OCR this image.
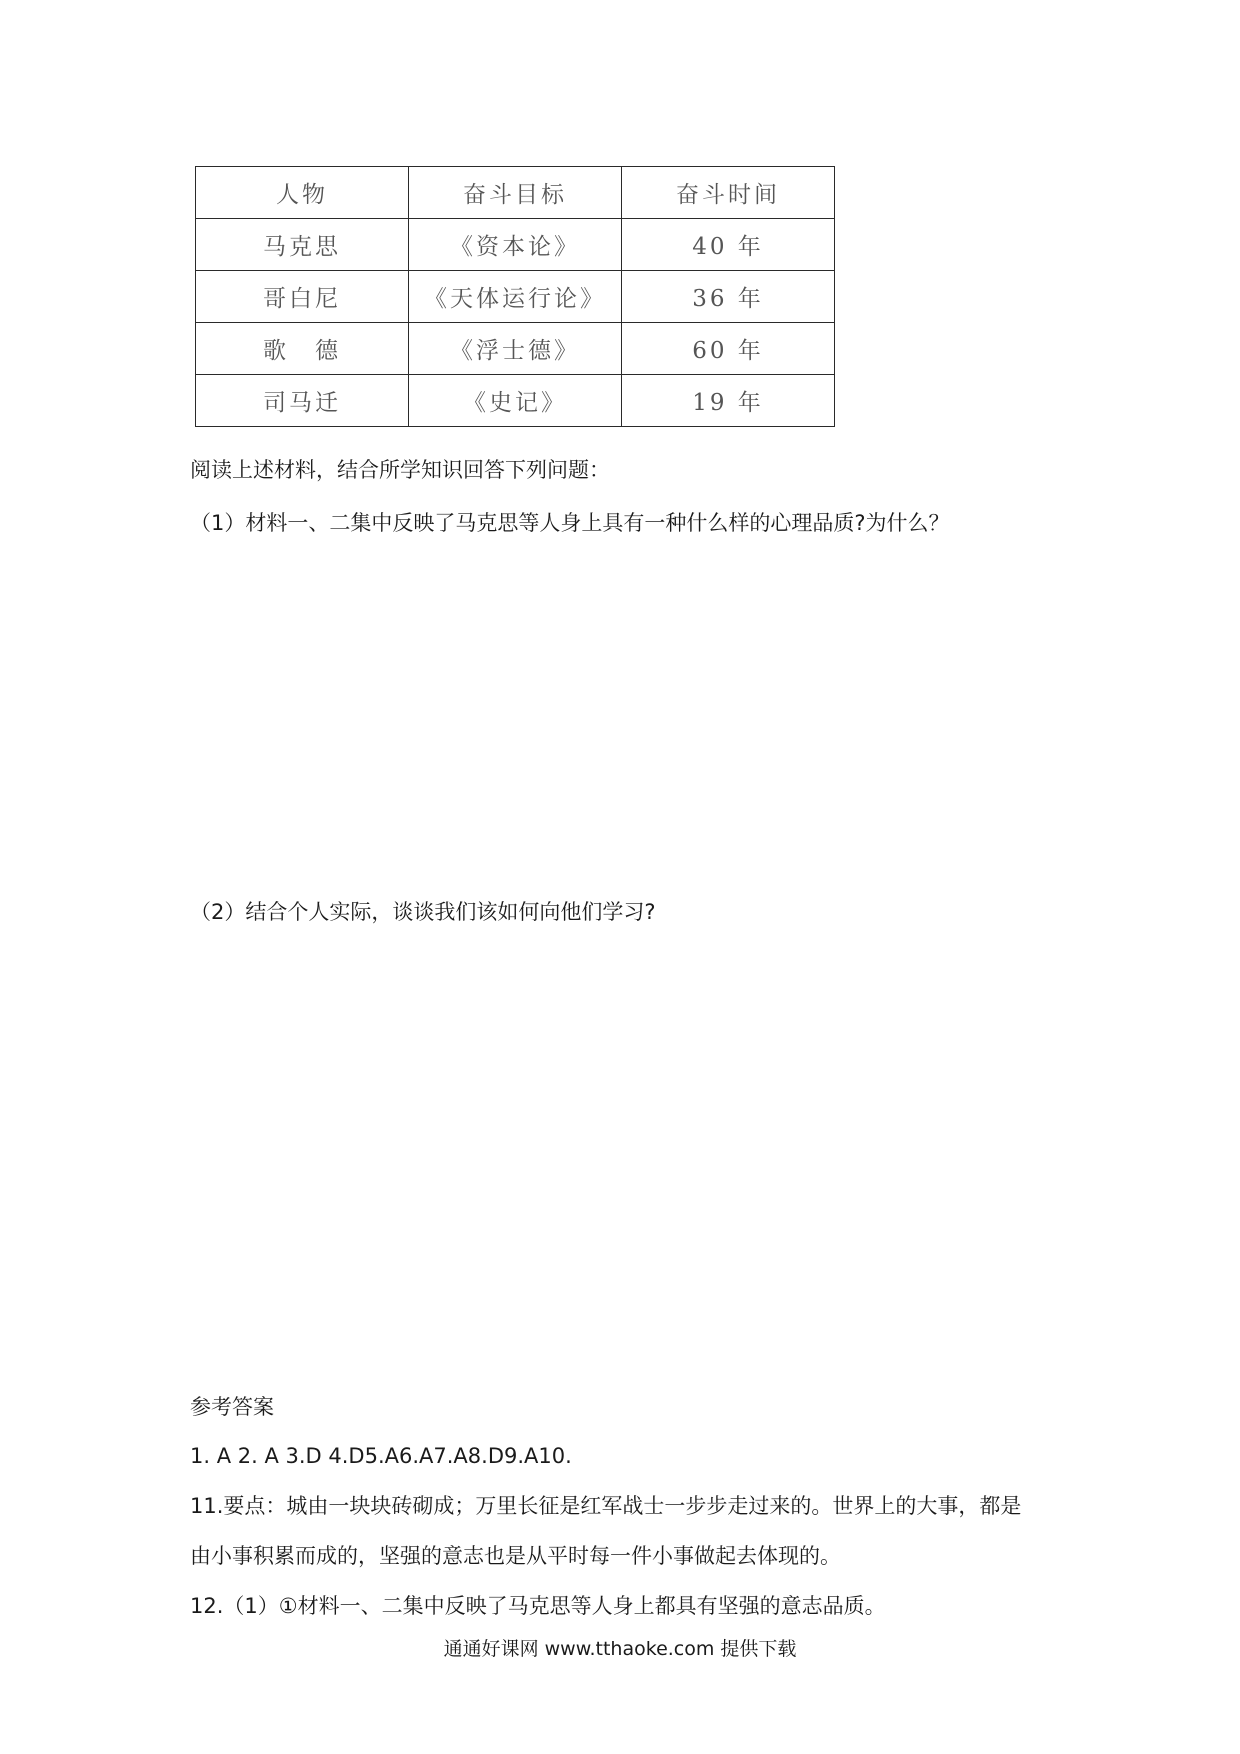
人物	奋斗目标	奋斗时间
马克思	《资本论》	40 年
哥白尼	《天体运行论》	36 年
歌　德	《浮士德》	60 年
司马迁	《史记》	19 年
阅读上述材料，结合所学知识回答下列问题：
（1）材料一、二集中反映了马克思等人身上具有一种什么样的心理品质?为什么？
（2）结合个人实际，谈谈我们该如何向他们学习?
参考答案
1. A 2. A 3.D 4.D5.A6.A7.A8.D9.A10.
11.要点：城由一块块砖砌成；万里长征是红军战士一步步走过来的。世界上的大事，都是
由小事积累而成的，坚强的意志也是从平时每一件小事做起去体现的。
12.（1）①材料一、二集中反映了马克思等人身上都具有坚强的意志品质。
通通好课网 www.tthaoke.com 提供下载
